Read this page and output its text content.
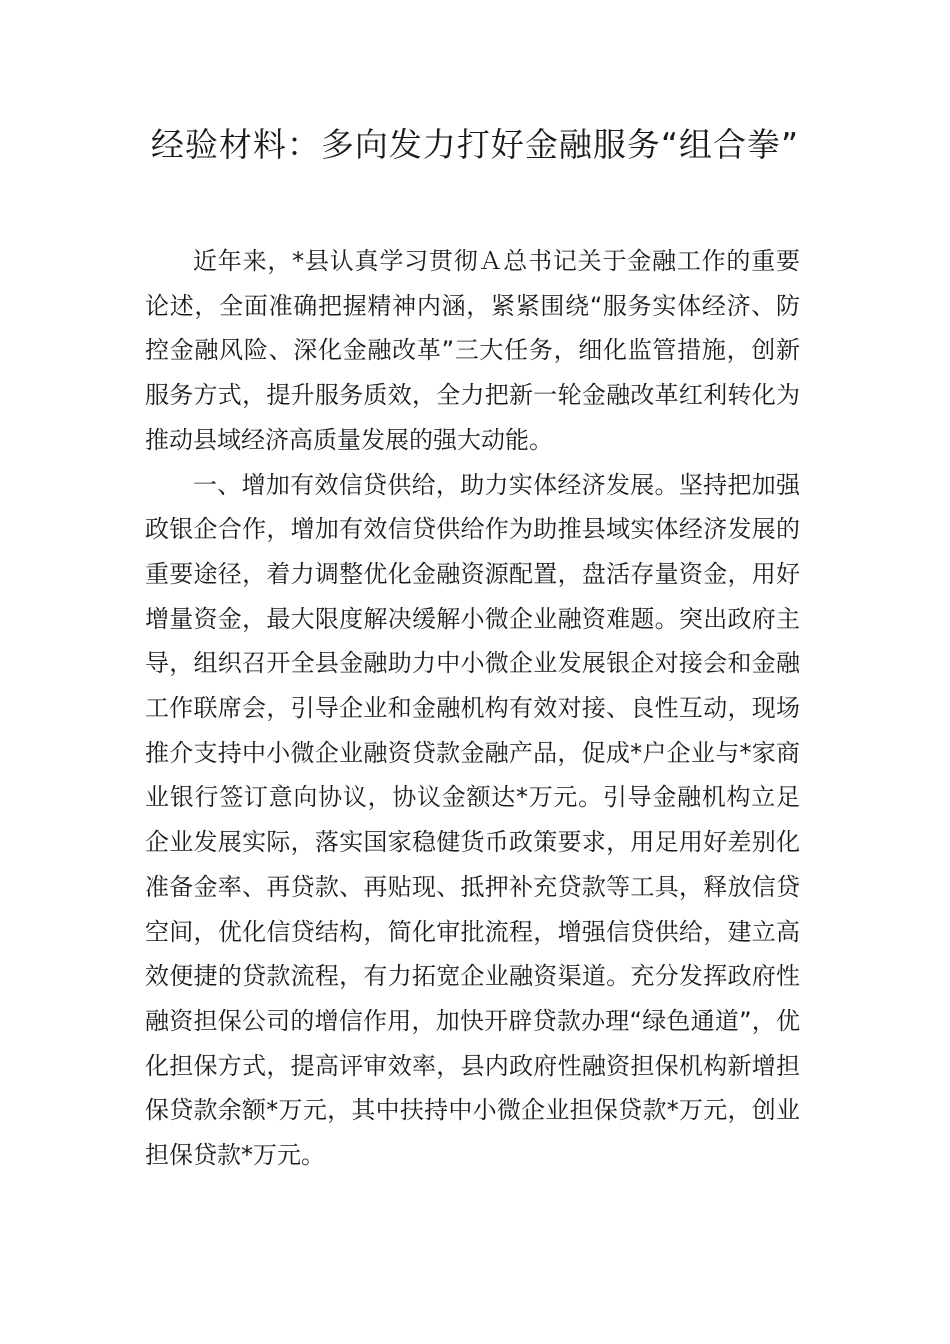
经验材料：多向发力打好金融服务“组合拳”

近年来，*县认真学习贯彻Ａ总书记关于金融工作的重要论述，全面准确把握精神内涵，紧紧围绕“服务实体经济、防控金融风险、深化金融改革”三大任务，细化监管措施，创新服务方式，提升服务质效，全力把新一轮金融改革红利转化为推动县域经济高质量发展的强大动能。

一、增加有效信贷供给，助力实体经济发展。坚持把加强政银企合作，增加有效信贷供给作为助推县域实体经济发展的重要途径，着力调整优化金融资源配置，盘活存量资金，用好增量资金，最大限度解决缓解小微企业融资难题。突出政府主导，组织召开全县金融助力中小微企业发展银企对接会和金融工作联席会，引导企业和金融机构有效对接、良性互动，现场推介支持中小微企业融资贷款金融产品，促成*户企业与*家商业银行签订意向协议，协议金额达*万元。引导金融机构立足企业发展实际，落实国家稳健货币政策要求，用足用好差别化准备金率、再贷款、再贴现、抵押补充贷款等工具，释放信贷空间，优化信贷结构，简化审批流程，增强信贷供给，建立高效便捷的贷款流程，有力拓宽企业融资渠道。充分发挥政府性融资担保公司的增信作用，加快开辟贷款办理“绿色通道”，优化担保方式，提高评审效率，县内政府性融资担保机构新增担保贷款余额*万元，其中扶持中小微企业担保贷款*万元，创业担保贷款*万元。
